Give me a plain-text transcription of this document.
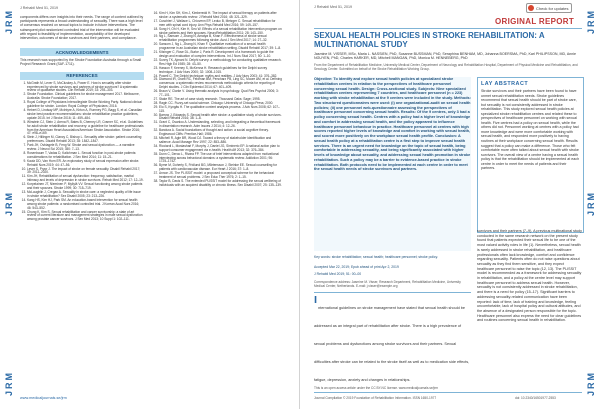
JRM
JRM
JRM
J Rehabil Med 51, 2019
components differs over insights into their needs. The range of content outlined by participants represents a broad understanding of sexuality. There was a high level of consensus reached on sexual topics to include in future interventions. The subsequent pilot randomized controlled trial of the intervention will be evaluated with regard to feasibility of implementation, acceptability of the developed intervention, outcomes of stroke survivors and their partners, and compliance.
ACKNOWLEDGEMENTS
This research was supported by the Stroke Foundation Australia through a Small Project Research Grant (SAF-1711).
REFERENCES
1. McGrath M, Lever S, McCluskey A, Power E. How is sexuality after stroke experienced by stroke survivors and partners of stroke survivors? A systematic review of qualitative studies. Clin Rehabil 2019; 33: 293–303.
2. Stroke Foundation. Clinical guidelines for stroke management 2017. Melbourne, Australia: Stroke Foundation; 2017.
3. Royal College of Physicians Intercollegiate Stroke Working Party. National clinical guideline for stroke. London: Royal College of Physicians; 2016.
4. Hebert D, Lindsay MP, McIntyre A, Kirton A, Rumney PG, Bagg S, et al. Canadian stroke best practice recommendations: stroke rehabilitation practice guidelines, update 2015. Int J Stroke 2016; 11: 459–484.
5. Winstein CJ, Stein J, Arena R, Bates B, Cherney LR, Cramer SC, et al. Guidelines for adult stroke rehabilitation and recovery: a guideline for healthcare professionals from the American Heart Association/American Stroke Association. Stroke 2016; 47: e98–e169.
6. Stein J, Hillinger M, Clancy C, Bishop L. Sexuality after stroke: patient counseling preferences. Disabil Rehabil 2013; 35: 1842–1847.
7. Park JH, Ovbiagele B, Feng W. Stroke and sexual dysfunction — a narrative review. J Neurol Sci 2015; 350: 7–13.
8. Rosenbaum T, Vadas D, Kalichman L. Sexual function in post-stroke patients: considerations for rehabilitation. J Sex Med 2014; 11: 15–21.
9. Kautz DD, Van Horn ER. An exploratory study of sexual expression after stroke. Rehabil Nurs 2019; 44: 47–56.
10. Lever S, Pryor J. The impact of stroke on female sexuality. Disabil Rehabil 2017; 39: 2011–2020.
11. Kim JH, Rehabilitation of sexual dysfunction: frequency, satisfaction, marital intimacy and levels of depression in stroke survivors. Rehab Med 2012; 17: 12–19.
12. Korpelainen JT, Nieminen P, Myllylä VV. Sexual functioning among stroke patients and their spouses. Stroke 1999; 30: 715–719.
13. McLaughlin J, Cregan A. Sexuality in stroke care: a neglected quality of life issue in stroke rehabilitation? Sex Disabil 2005; 23: 213–226.
14. Kang HS, Kim HJ, Park SM. An education-based intervention for sexual health among stroke patients: a randomised controlled trial. J Korean Acad Nurs 2016; 46: 543–552.
15. Chung K, Kim S. Sexual rehabilitation and cancer survivorship: a state of art review of current literature and management strategies in male sexual dysfunction among prostate cancer survivors. J Sex Med 2013; 10 Suppl 1: 102–111.
16. Kim H, Kim SH, Kim J, Kimberedd H. The impact of sexual therapy on patients after stroke: a systematic review. J Rehabil Med 2016; 48: 321–329.
17. Cuschieri J, Wallace L, Chiovenn EP, Leduc B, Metzger C. Sexual rehabilitation for men with spinal cord injury. Ann Phys Rehabil Med 2016; 59: 149–157.
18. Song H, Oh H, Kim H, Seo W. Effects of a sexual rehabilitation intervention program on stroke patients and their spouses. NeuroRehabilitation 2011; 28: 143–150.
19. Ng L, Sansom J, Zhang N, Amatya B, Khan F. Effectiveness of stroke sexual rehabilitation programmes following stroke. Aust J Sex Med 2017; 14: 27–32.
20. Sansom J, Ng L, Zhang N, Khan F. Qualitative evaluation of a sexual health programme in an Australian stroke rehabilitation setting. Disabil Rehabil 2017; 39: 1–8.
21. Kitzinger C, Rose DL, Burke J, Paris R. Development of a framework to guide the design and evaluation of complex interventions. Int J Nurs Stud 2017; 50: 1–10.
22. Sunny TK, Ajmani N. Delphi survey: a methodology for conducting qualitative research. Res High Ed 1985; 28: 43–50.
23. Hasson F, Keeney S, McKenna H. Research guidelines for the Delphi survey technique. J Adv Nurs 2000; 32: 1008–1015.
24. Powell C. The Delphi technique: myths and realities. J Adv Nurs 2003; 41: 376–382.
25. Diamond IR, Grant RC, Feldman BM, Pencharz PB, Ling SC, Moore AM, et al. Defining consensus: a systematic review recommends methodologic criteria for reporting of Delphi studies. J Clin Epidemiol 2014; 67: 401–409.
26. Braun V, Clarke V. Using thematic analysis in psychology. Qual Res Psychol 2006; 3: 77–101.
27. Stake RE. The art of case study research. Thousand Oaks: Sage; 1995.
28. Ragin CC. Fuzzy-set social science. Chicago: University of Chicago Press; 2000.
29. Elo S, Kyngäs H. The qualitative content analysis process. J Adv Nurs 2008; 62: 107–115.
30. Barrow J, Edwards S. Sexual health after stroke: a qualitative study of stroke survivors. Disabil Rehabil 2016; 38: 1–8.
31. Grant C, Osanloo A. Understanding, selecting, and integrating a theoretical framework in dissertation research. Adm Issues J 2014; 4: 12–26.
32. Bandura A. Social foundations of thought and action: a social cognitive theory. Englewood Cliffs: Prentice-Hall; 1986.
33. Mitchell R, Agle BR, Wood DJ. Toward a theory of stakeholder identification and salience. Acad Manage Rev 1997; 22: 853–886.
34. Ricciardi L, Mostashari F, Murphy J, Daniel JG, Siminerio EP. A national action plan to support consumer engagement via e-health. Health Aff 2013; 32: 376–384.
35. Dunn C, Deroo L, Rivara FP. The use of brief interventions adapted from motivational interviewing across behavioral domains: a systematic review. Addiction 2001; 96: 1725–1742.
36. Byrne M, Doherty S, Fridlund BG, Mårtensson J, Steinke EE. Sexual counselling for patients with cardiovascular disease. Eur Heart J 2016; 37: 1–8.
37. Annon JS. The PLISSIT model: a proposed conceptual scheme for the behavioral treatment of sexual problems. J Sex Educ Ther 1976; 2: 1–15.
38. Taylor B, Davis S. The extended PLISSIT model for addressing the sexual wellbeing of individuals with an acquired disability or chronic illness. Sex Disabil 2007; 25: 135–139.
www.medicaljournals.se/jrm
JRM
JRM
JRM
J Rehabil Med 51, 2019	Check for updates
ORIGINAL REPORT
SEXUAL HEALTH POLICIES IN STROKE REHABILITATION: A MULTINATIONAL STUDY
Jasmine M. VISSER, MSc, Maria L. NASSIEN, PhD, Susanne BUSSMAN, PhD, Seraphina BENHAM, MD, Johanna BOERSMA, PhD, Karl PHILIPSSON, MD, Annie NGUYEN, PhD, Charles HARKER, MD, Mitchell MANGAN, PhD, Monica M. HENNEBERG, PhD
From the Department of Rehabilitation Medicine, University Medical Center, Department of Neurology and Rehabilitation Hospital, Department of Physical Medicine and Rehabilitation, and Sexology Center. Submitted on behalf of the Stroke Rehabilitation Working Group.
Objective: To identify and explore sexual health policies at specialized stroke rehabilitation centres in relation to the perspectives of healthcare personnel concerning sexual health. Design: Cross-sectional study. Subjects: Nine specialized rehabilitation centres representing 7 countries, and healthcare personnel (n = 223) working with stroke rehabilitation at the 9 centres were included in the study. Methods: Two structured questionnaires were used: (i) one organizational-audit on sexual health policies; (ii) one personnel web-questionnaire assessing the perspectives of healthcare personnel concerning sexual health. Results: Of the 9 centres, only 3 had a policy concerning sexual health. Centres with a policy had a higher level of knowledge and comfort in addressing sexual health, and the policy appeared to influence healthcare personnel behaviour in practice. Healthcare personnel at centres with high scores reported higher levels of knowledge and comfort in working with sexual health, and scored more positively on the workplace sexual health profile. Conclusion: A sexual health policy at a rehabilitation centre is a first step to improve sexual health services. There is an urgent need for knowledge on the topic of sexual health, being comfortable in addressing sexuality, and being significantly associated with higher levels of knowledge about sexuality, and addressing sexual health promotion in stroke rehabilitation. Such a policy may be a barrier to evidence-based practice in stroke rehabilitation. Both protocols need to be implemented at each centre in order to meet the sexual health needs of stroke survivors and partners.
Key words: stroke rehabilitation; sexual health; healthcare personnel; stroke policy.
Accepted Mar 22, 2019; Epub ahead of print Apr 2, 2019
J Rehabil Med 2019; 51: 00–00
Correspondence address: Jasmine M. Visser, Research Department, Rehabilitation Medicine, University Medical Center, Netherlands. E-mail: j.visser@example.org
LAY ABSTRACT

Stroke survivors and their partners have been found to have unmet sexual rehabilitation needs. Stroke guidelines recommend that sexual health should be part of stroke care, but sexuality is not consistently addressed in stroke rehabilitation. This study explored sexual health policies at specialized stroke rehabilitation centres and related these to perspectives of healthcare personnel on working with sexual health. Five centres had a policy on sexual health, while the others did not. Personnel working at centres with a policy had more knowledge and were more comfortable working with sexual health, and responded more positively to having routines at their workplace concerning sexual health. Results suggest that a policy can make a difference. Those who felt comfortable more often talked about sexual health with stroke survivors. The overall view of a centre having a sexual health policy is that the rehabilitation should be implemented at each centre in order to meet the needs of patients and their partners.

I
nternational guidelines on stroke management have stated that sexual health should be addressed as an integral part of rehabilitation after stroke. There is a high prevalence of sexual problems and dysfunctions among stroke survivors and their partners. Sexual difficulties after stroke can be related to the stroke itself as well as to medication side effects, fatigue, depression, anxiety and changes in relationships.
survivors and their partners (7–9). A previous multinational study conducted in the same research network on the present study found that patients expected their sexual life to be one of the most valued activity roles in life (1). Nevertheless, sexual health is rarely addressed in stroke rehabilitation, and healthcare professionals often lack knowledge, comfort and confidence regarding sexuality. Patients often do not raise questions about sexuality as they find them sensitive, and they expect healthcare personnel to raise the topic (12, 13). The PLISSIT model is recommended as a framework for addressing sexuality in rehabilitation, and a policy at the centre level may support healthcare personnel to address sexual health. However, sexuality is not consistently addressed in stroke rehabilitation, and there is a need for policy (15–17). Significant barriers to addressing sexuality-related communication have been reported: lack of time, lack of training and knowledge, feeling uncomfortable, lack of hospital policy and cultural attitudes, and the absence of a designated person responsible for the topic. Healthcare personnel also express the need for clear guidelines and routines concerning sexual health in rehabilitation.
This is an open access article under the CC BY-NC license. www.medicaljournals.se/jrm
Journal Compilation © 2019 Foundation of Rehabilitation Information. ISSN 1650-1977	doi: 10.2340/16501977-2553
